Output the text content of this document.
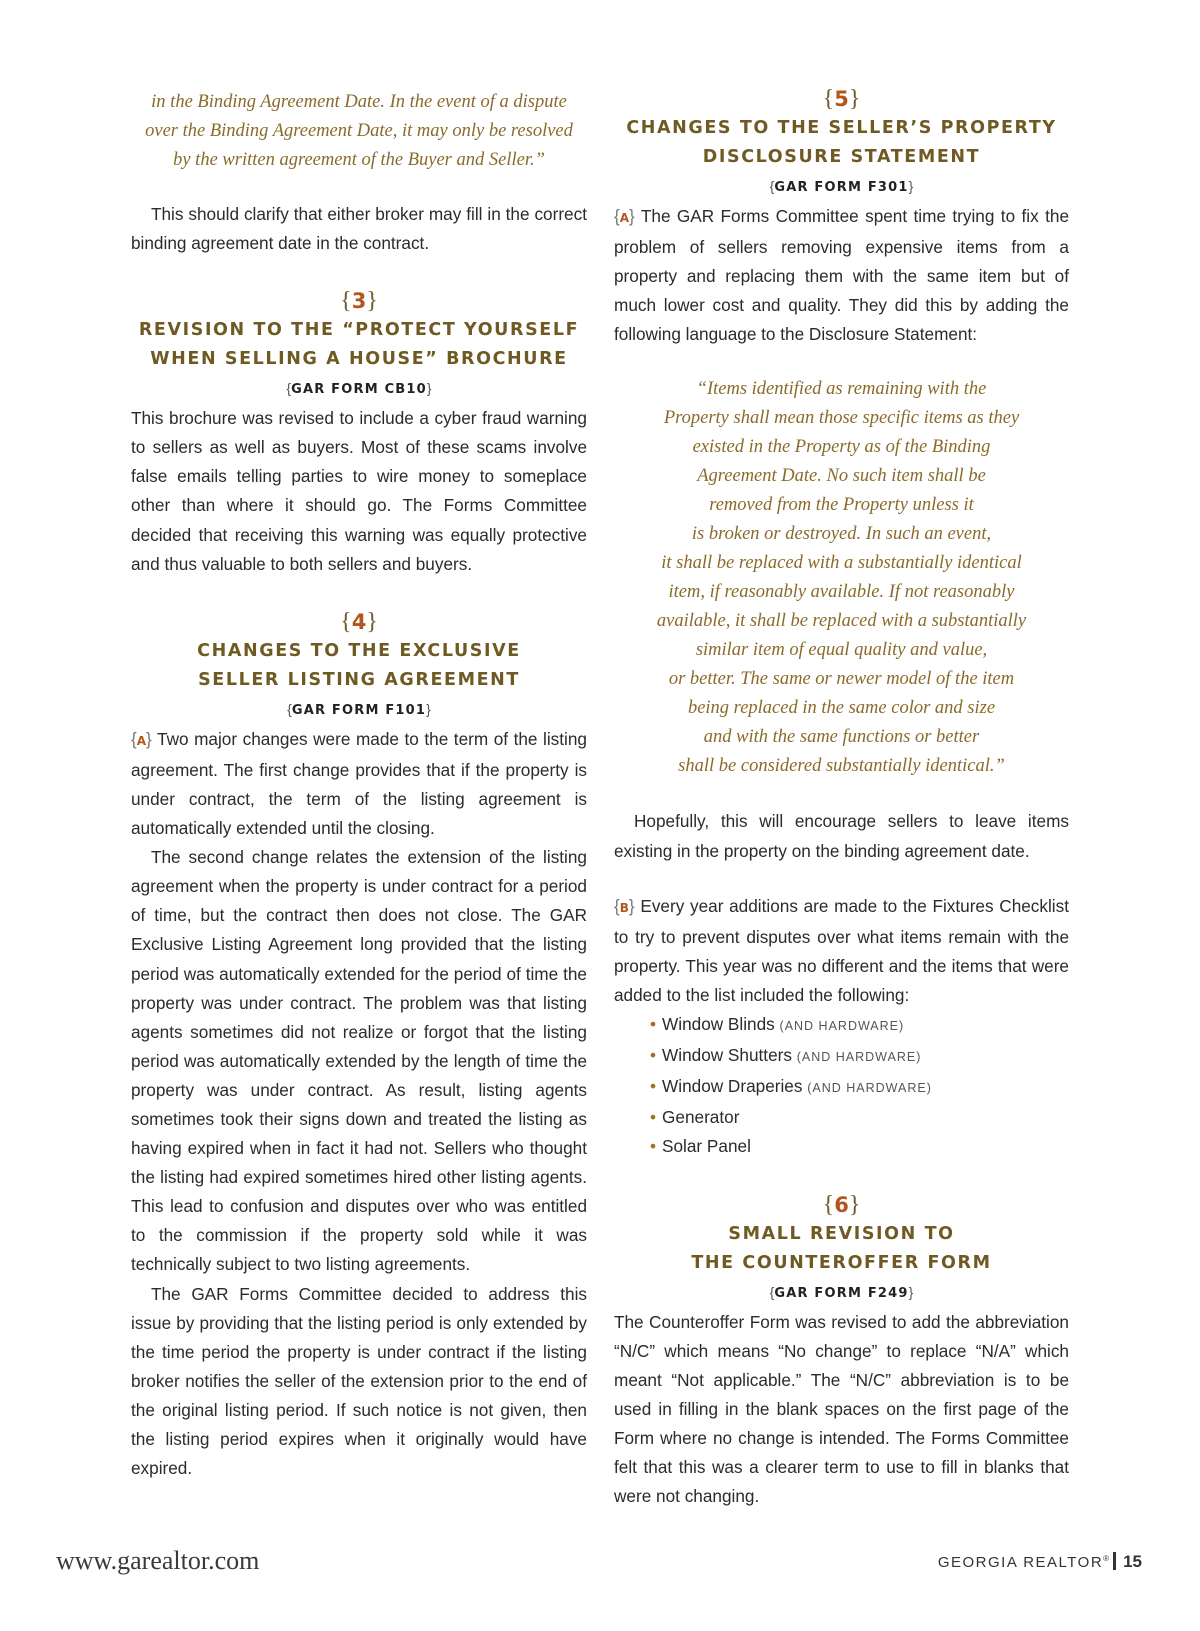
in the Binding Agreement Date. In the event of a dispute
over the Binding Agreement Date, it may only be resolved
by the written agreement of the Buyer and Seller.”

This should clarify that either broker may fill in the correct binding agreement date in the contract.

{3}

REVISION TO THE “PROTECT YOURSELF
WHEN SELLING A HOUSE” BROCHURE

{GAR FORM CB10}

This brochure was revised to include a cyber fraud warning to sellers as well as buyers. Most of these scams involve false emails telling parties to wire money to someplace other than where it should go. The Forms Committee decided that receiving this warning was equally protective and thus valuable to both sellers and buyers.

{4}

CHANGES TO THE EXCLUSIVE
SELLER LISTING AGREEMENT

{GAR FORM F101}

{A} Two major changes were made to the term of the listing agreement. The first change provides that if the property is under contract, the term of the listing agreement is automatically extended until the closing.

The second change relates the extension of the listing agreement when the property is under contract for a period of time, but the contract then does not close. The GAR Exclusive Listing Agreement long provided that the listing period was automatically extended for the period of time the property was under contract. The problem was that listing agents sometimes did not realize or forgot that the listing period was automatically extended by the length of time the property was under contract. As result, listing agents sometimes took their signs down and treated the listing as having expired when in fact it had not. Sellers who thought the listing had expired sometimes hired other listing agents. This lead to confusion and disputes over who was entitled to the commission if the property sold while it was technically subject to two listing agreements.

The GAR Forms Committee decided to address this issue by providing that the listing period is only extended by the time period the property is under contract if the listing broker notifies the seller of the extension prior to the end of the original listing period. If such notice is not given, then the listing period expires when it originally would have expired.

{5}

CHANGES TO THE SELLER’S PROPERTY
DISCLOSURE STATEMENT

{GAR FORM F301}

{A} The GAR Forms Committee spent time trying to fix the problem of sellers removing expensive items from a property and replacing them with the same item but of much lower cost and quality. They did this by adding the following language to the Disclosure Statement:

“Items identified as remaining with the
Property shall mean those specific items as they
existed in the Property as of the Binding
Agreement Date. No such item shall be
removed from the Property unless it
is broken or destroyed. In such an event,
it shall be replaced with a substantially identical
item, if reasonably available. If not reasonably
available, it shall be replaced with a substantially
similar item of equal quality and value,
or better. The same or newer model of the item
being replaced in the same color and size
and with the same functions or better
shall be considered substantially identical.”

Hopefully, this will encourage sellers to leave items existing in the property on the binding agreement date.

{B} Every year additions are made to the Fixtures Checklist to try to prevent disputes over what items remain with the property. This year was no different and the items that were added to the list included the following:

• Window Blinds (AND HARDWARE)
• Window Shutters (AND HARDWARE)
• Window Draperies (AND HARDWARE)
• Generator
• Solar Panel
{6}

SMALL REVISION TO
THE COUNTEROFFER FORM

{GAR FORM F249}

The Counteroffer Form was revised to add the abbreviation “N/C” which means “No change” to replace “N/A” which meant “Not applicable.” The “N/C” abbreviation is to be used in filling in the blank spaces on the first page of the Form where no change is intended. The Forms Committee felt that this was a clearer term to use to fill in blanks that were not changing.

www.garealtor.com	GEORGIA REALTOR® 15
